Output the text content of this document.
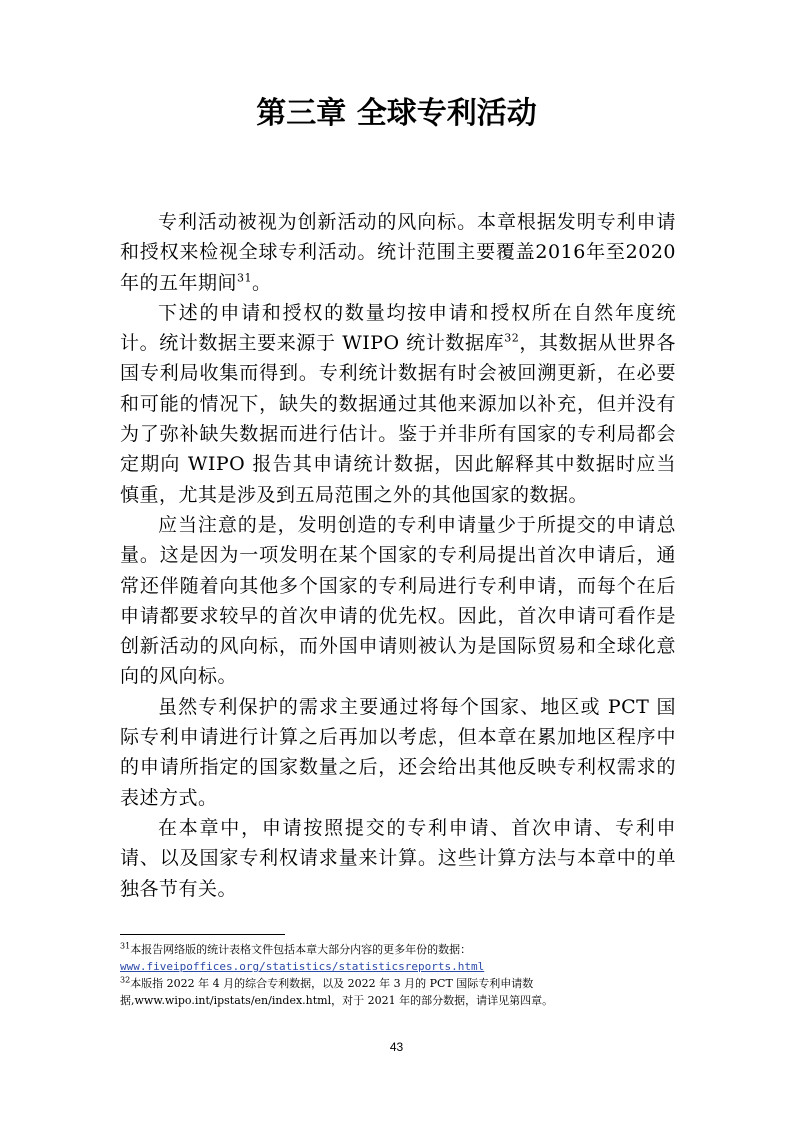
第三章 全球专利活动

专利活动被视为创新活动的风向标。本章根据发明专利申请和授权来检视全球专利活动。统计范围主要覆盖2016年至2020年的五年期间$^{31}$。

下述的申请和授权的数量均按申请和授权所在自然年度统计。统计数据主要来源于 WIPO 统计数据库$^{32}$，其数据从世界各国专利局收集而得到。专利统计数据有时会被回溯更新，在必要和可能的情况下，缺失的数据通过其他来源加以补充，但并没有为了弥补缺失数据而进行估计。鉴于并非所有国家的专利局都会定期向 WIPO 报告其申请统计数据，因此解释其中数据时应当慎重，尤其是涉及到五局范围之外的其他国家的数据。

应当注意的是，发明创造的专利申请量少于所提交的申请总量。这是因为一项发明在某个国家的专利局提出首次申请后，通常还伴随着向其他多个国家的专利局进行专利申请，而每个在后申请都要求较早的首次申请的优先权。因此，首次申请可看作是创新活动的风向标，而外国申请则被认为是国际贸易和全球化意向的风向标。

虽然专利保护的需求主要通过将每个国家、地区或 PCT 国际专利申请进行计算之后再加以考虑，但本章在累加地区程序中的申请所指定的国家数量之后，还会给出其他反映专利权需求的表述方式。

在本章中，申请按照提交的专利申请、首次申请、专利申请、以及国家专利权请求量来计算。这些计算方法与本章中的单独各节有关。

$^{31}$本报告网络版的统计表格文件包括本章大部分内容的更多年份的数据：

www.fiveipoffices.org/statistics/statisticsreports.html

$^{32}$本版指 2022 年 4 月的综合专利数据，以及 2022 年 3 月的 PCT 国际专利申请数据,www.wipo.int/ipstats/en/index.html，对于 2021 年的部分数据，请详见第四章。

43
